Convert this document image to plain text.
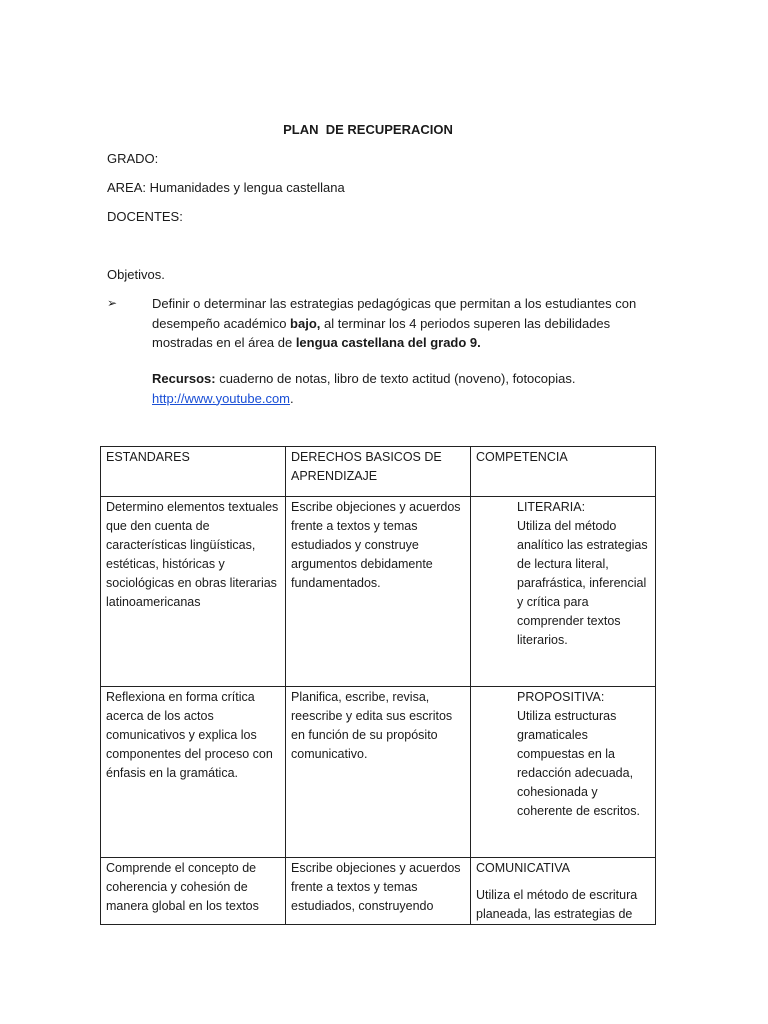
PLAN  DE RECUPERACION
GRADO:
AREA: Humanidades y lengua castellana
DOCENTES:
Objetivos.
➢	Definir o determinar las estrategias pedagógicas que permitan a los estudiantes con desempeño académico bajo, al terminar los 4 periodos superen las debilidades mostradas en el área de lengua castellana del grado 9.
Recursos: cuaderno de notas, libro de texto actitud (noveno), fotocopias.
http://www.youtube.com.
ESTANDARES	DERECHOS BASICOS DE APRENDIZAJE	COMPETENCIA
Determino elementos textuales que den cuenta de características lingüísticas, estéticas, históricas y sociológicas en obras literarias latinoamericanas	Escribe objeciones y acuerdos frente a textos y temas estudiados y construye argumentos debidamente fundamentados.	LITERARIA:
Utiliza del método analítico las estrategias de lectura literal, parafrástica, inferencial y crítica para comprender textos literarios.

Reflexiona en forma crítica acerca de los actos comunicativos y explica los componentes del proceso con énfasis en la gramática.	Planifica, escribe, revisa, reescribe y edita sus escritos en función de su propósito comunicativo.	PROPOSITIVA:
Utiliza estructuras gramaticales compuestas en la redacción adecuada, cohesionada y coherente de escritos.

Comprende el concepto de coherencia y cohesión de manera global en los textos	Escribe objeciones y acuerdos frente a textos y temas estudiados, construyendo	COMUNICATIVA
Utiliza el método de escritura planeada, las estrategias de
